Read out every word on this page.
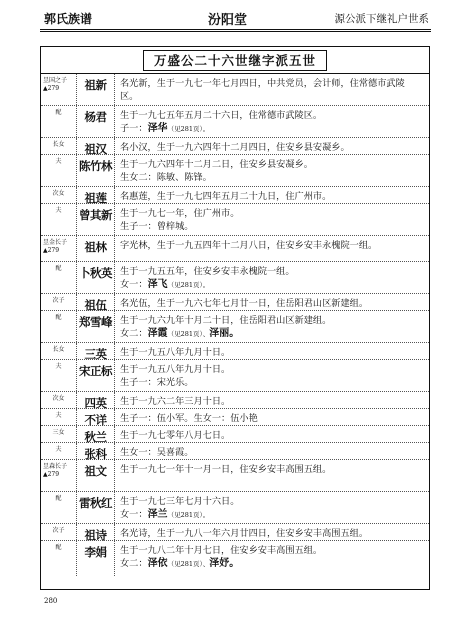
郭氏族谱	汾阳堂	源公派下继礼户世系
万盛公二十六世继字派五世
昱国之子
▲279	祖新	名光新，生于一九七一年七月四日，中共党员，会计师，住常德市武陵
区。
配	杨君	生于一九七五年五月二十六日，住常德市武陵区。
子一：泽华（见281页）。
长女	祖汉	名小汉，生于一九六四年十二月四日，住安乡县安凝乡。
夫	陈竹林 生于一九六四年十二月二日，住安乡县安凝乡。
生女二：陈敏、陈锋。
次女	祖莲	名惠莲，生于一九七四年五月二十九日，住广州市。
夫	曾其新 生于一九七一年，住广州市。
生子一：曾梓城。
昱金长子
▲279	祖林	字光林，生于一九五四年十二月八日，住安乡安丰永槐院一组。
配	卜秋英 生于一九五五年，住安乡安丰永槐院一组。
女一：泽飞（见281页）。
次子	祖伍	名光伍，生于一九六七年七月廿一日，住岳阳君山区新建组。
配	郑雪峰 生于一九六九年十月二十日，住岳阳君山区新建组。
女二：泽霞（见281页）、泽丽。
长女	三英	生于一九五八年九月十日。
夫	宋正标 生于一九五八年九月十日。
生子一：宋光乐。
次女	四英	生于一九六二年三月十日。
夫	不详	生子一：伍小军。生女一：伍小艳
三女	秋兰	生于一九七零年八月七日。
夫	张科	生女一：吴喜霞。
昱森长子
▲279	祖文	生于一九七一年十一月一日，住安乡安丰高围五组。
配	雷秋红 生于一九七三年七月十六日。
女一：泽兰（见281页）。
次子	祖诗	名光诗，生于一九八一年六月廿四日，住安乡安丰高围五组。
配	李娟	生于一九八二年十月七日，住安乡安丰高围五组。
女二：泽依（见281页）、泽妤。
280
